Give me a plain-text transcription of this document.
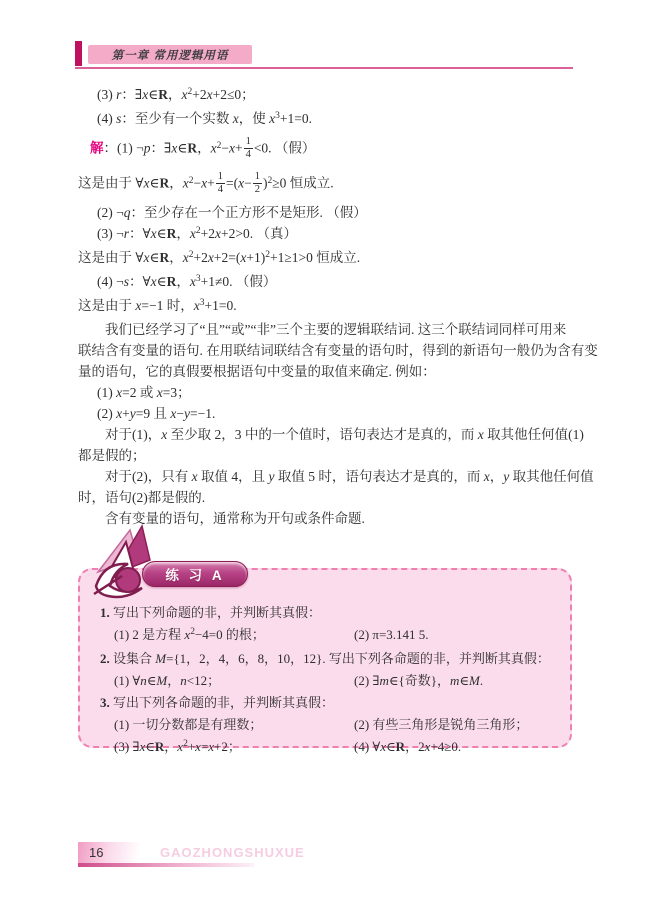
第一章 常用逻辑用语
(3) r：∃x∈R，$x^2+2x+2\le 0$；
(4) s：至少有一个实数 x，使 $x^3+1=0$.
解：(1) ¬p：∃x∈R，$x^2-x+ \frac{1}{4} <0$. （假）
这是由于 ∀x∈R，$x^2-x+ \frac{1}{4} =(x- \frac{1}{2} )^2\ge 0$ 恒成立.
(2) ¬q：至少存在一个正方形不是矩形. （假）
(3) ¬r：∀x∈R，$x^2+2x+2>0$. （真）
这是由于 ∀x∈R，$x^2+2x+2=(x+1)^2+1\ge 1>0$ 恒成立.
(4) ¬s：∀x∈R，$x^3+1\ne 0$. （假）
这是由于 x=−1 时，$x^3+1=0$.
我们已经学习了“且”“或”“非”三个主要的逻辑联结词. 这三个联结词同样可用来
联结含有变量的语句. 在用联结词联结含有变量的语句时，得到的新语句一般仍为含有变
量的语句，它的真假要根据语句中变量的取值来确定. 例如：
(1) x=2 或 x=3；
(2) x+y=9 且 x−y=−1.
对于(1)，x 至少取 2，3 中的一个值时，语句表达才是真的，而 x 取其他任何值(1)
都是假的；
对于(2)，只有 x 取值 4，且 y 取值 5 时，语句表达才是真的，而 x，y 取其他任何值
时，语句(2)都是假的.
含有变量的语句，通常称为开句或条件命题.
练 习 A
1. 写出下列命题的非，并判断其真假：
(1) 2 是方程 $x^2-4=0$ 的根；	(2) π=3.141 5.
2. 设集合 M={1，2，4，6，8，10，12}. 写出下列各命题的非，并判断其真假：
(1) ∀n∈M，n<12；	(2) ∃m∈{奇数}，m∈M.
3. 写出下列各命题的非，并判断其真假：
(1) 一切分数都是有理数；	(2) 有些三角形是锐角三角形；
(3) ∃x∈R，$x^2+x=x+2$；	(4) ∀x∈R，2x+4≥0.
16	GAOZHONGSHUXUE
